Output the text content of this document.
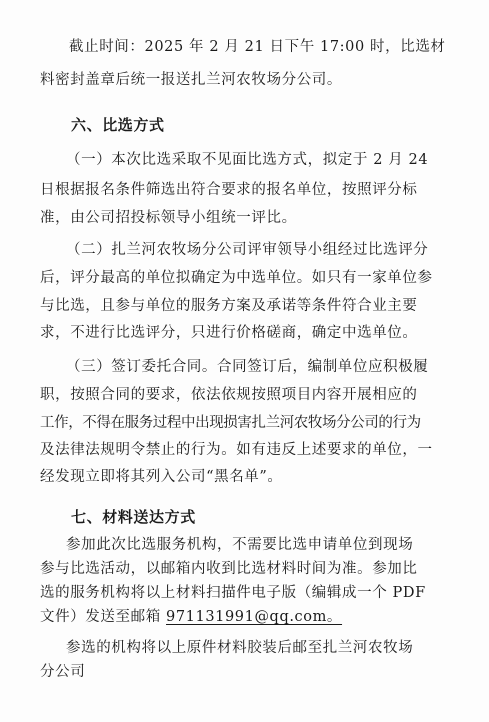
截止时间：2025 年 2 月 21 日下午 17:00 时，比选材
料密封盖章后统一报送扎兰河农牧场分公司。
六、比选方式
（一）本次比选采取不见面比选方式，拟定于 2 月 24
日根据报名条件筛选出符合要求的报名单位，按照评分标
准，由公司招投标领导小组统一评比。
（二）扎兰河农牧场分公司评审领导小组经过比选评分
后，评分最高的单位拟确定为中选单位。如只有一家单位参
与比选，且参与单位的服务方案及承诺等条件符合业主要
求，不进行比选评分，只进行价格磋商，确定中选单位。
（三）签订委托合同。合同签订后，编制单位应积极履
职，按照合同的要求，依法依规按照项目内容开展相应的
工作，不得在服务过程中出现损害扎兰河农牧场分公司的行为
及法律法规明令禁止的行为。如有违反上述要求的单位，一
经发现立即将其列入公司“黑名单”。
七、材料送达方式
参加此次比选服务机构，不需要比选申请单位到现场
参与比选活动，以邮箱内收到比选材料时间为准。参加比
选的服务机构将以上材料扫描件电子版（编辑成一个 PDF
文件）发送至邮箱 971131991@qq.com。
参选的机构将以上原件材料胶装后邮至扎兰河农牧场
分公司
